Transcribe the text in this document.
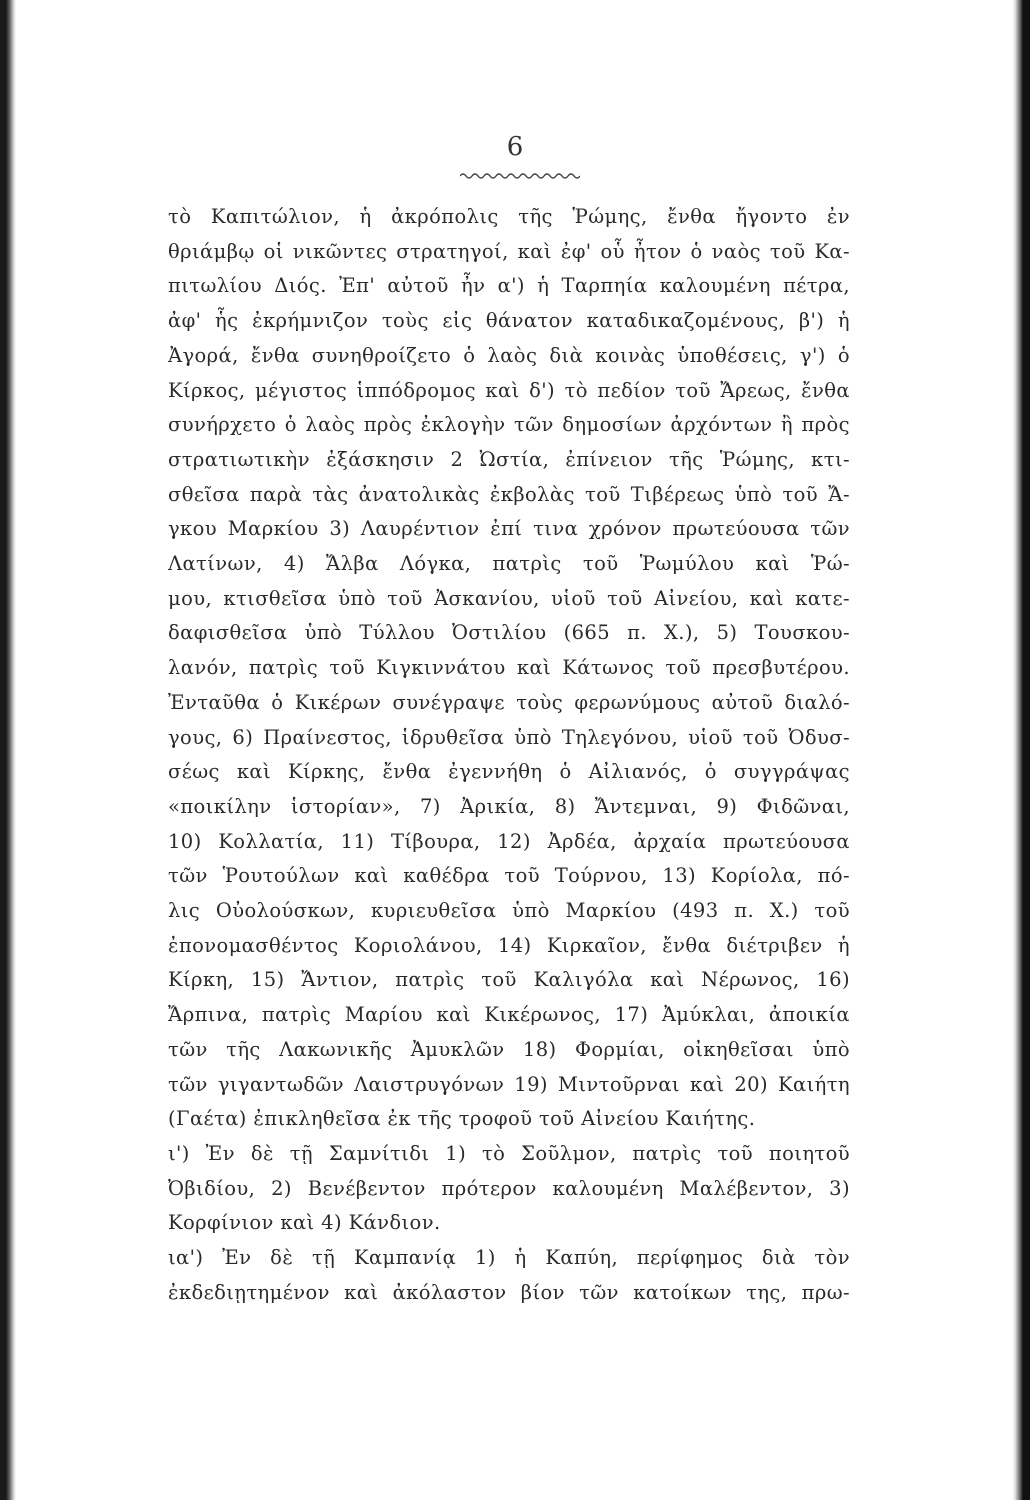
6
τὸ Καπιτώλιον, ἡ ἀκρόπολις τῆς Ῥώμης, ἔνθα ἤγοντο ἐν
θριάμβῳ οἱ νικῶντες στρατηγοί, καὶ ἐφ' οὗ ἦτον ὁ ναὸς τοῦ Κα-
πιτωλίου Διός. Ἐπ' αὐτοῦ ἦν α') ἡ Ταρπηία καλουμένη πέτρα,
ἀφ' ἧς ἐκρήμνιζον τοὺς εἰς θάνατον καταδικαζομένους, β') ἡ
Ἀγορά, ἔνθα συνηθροίζετο ὁ λαὸς διὰ κοινὰς ὑποθέσεις, γ') ὁ
Κίρκος, μέγιστος ἱππόδρομος καὶ δ') τὸ πεδίον τοῦ Ἄρεως, ἔνθα
συνήρχετο ὁ λαὸς πρὸς ἐκλογὴν τῶν δημοσίων ἀρχόντων ἢ πρὸς
στρατιωτικὴν ἐξάσκησιν 2 Ὠστία, ἐπίνειον τῆς Ῥώμης, κτι-
σθεῖσα παρὰ τὰς ἀνατολικὰς ἐκβολὰς τοῦ Τιβέρεως ὑπὸ τοῦ Ἄ-
γκου Μαρκίου 3) Λαυρέντιον ἐπί τινα χρόνον πρωτεύουσα τῶν
Λατίνων, 4) Ἄλβα Λόγκα, πατρὶς τοῦ Ῥωμύλου καὶ Ῥώ-
μου, κτισθεῖσα ὑπὸ τοῦ Ἀσκανίου, υἱοῦ τοῦ Αἰνείου, καὶ κατε-
δαφισθεῖσα ὑπὸ Τύλλου Ὀστιλίου (665 π. Χ.), 5) Τουσκου-
λανόν, πατρὶς τοῦ Κιγκιννάτου καὶ Κάτωνος τοῦ πρεσβυτέρου.
Ἐνταῦθα ὁ Κικέρων συνέγραψε τοὺς φερωνύμους αὐτοῦ διαλό-
γους, 6) Πραίνεστος, ἱδρυθεῖσα ὑπὸ Τηλεγόνου, υἱοῦ τοῦ Ὀδυσ-
σέως καὶ Κίρκης, ἔνθα ἐγεννήθη ὁ Αἰλιανός, ὁ συγγράψας
«ποικίλην ἱστορίαν», 7) Ἀρικία, 8) Ἄντεμναι, 9) Φιδῶναι,
10) Κολλατία, 11) Τίβουρα, 12) Ἀρδέα, ἀρχαία πρωτεύουσα
τῶν Ῥουτούλων καὶ καθέδρα τοῦ Τούρνου, 13) Κορίολα, πό-
λις Οὐολούσκων, κυριευθεῖσα ὑπὸ Μαρκίου (493 π. Χ.) τοῦ
ἐπονομασθέντος Κοριολάνου, 14) Κιρκαῖον, ἔνθα διέτριβεν ἡ
Κίρκη, 15) Ἄντιον, πατρὶς τοῦ Καλιγόλα καὶ Νέρωνος, 16)
Ἄρπινα, πατρὶς Μαρίου καὶ Κικέρωνος, 17) Ἀμύκλαι, ἀποικία
τῶν τῆς Λακωνικῆς Ἀμυκλῶν 18) Φορμίαι, οἰκηθεῖσαι ὑπὸ
τῶν γιγαντωδῶν Λαιστρυγόνων 19) Μιντοῦρναι καὶ 20) Καιήτη
(Γαέτα) ἐπικληθεῖσα ἐκ τῆς τροφοῦ τοῦ Αἰνείου Καιήτης.
ι') Ἐν δὲ τῇ Σαμνίτιδι 1) τὸ Σοῦλμον, πατρὶς τοῦ ποιητοῦ
Ὀβιδίου, 2) Βενέβεντον πρότερον καλουμένη Μαλέβεντον, 3)
Κορφίνιον καὶ 4) Κάνδιον.
ια') Ἐν δὲ τῇ Καμπανίᾳ 1) ἡ Καπύη, περίφημος διὰ τὸν
ἐκδεδιῃτημένον καὶ ἀκόλαστον βίον τῶν κατοίκων της, πρω-
